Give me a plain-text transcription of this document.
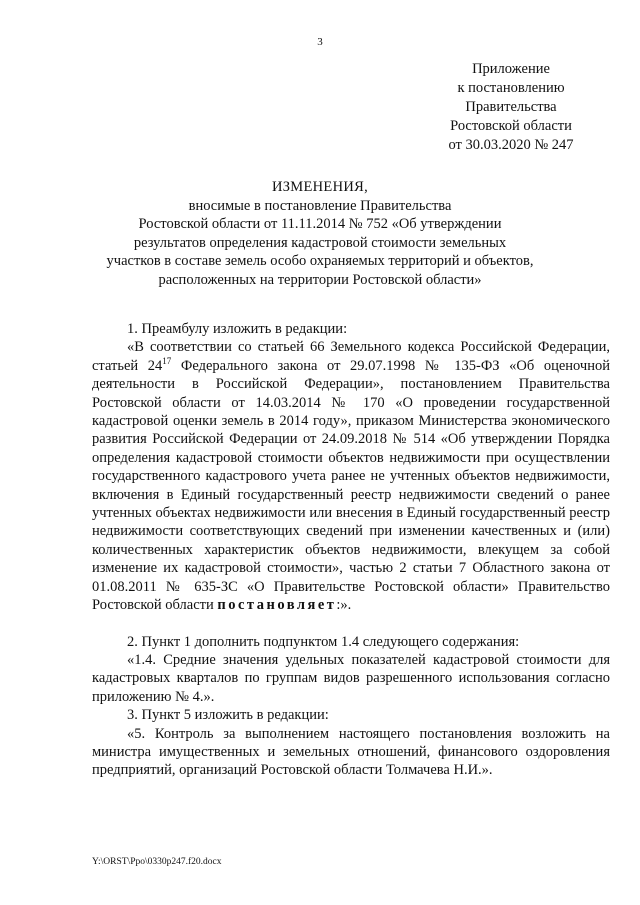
3
Приложение
к постановлению
Правительства
Ростовской области
от 30.03.2020 № 247
ИЗМЕНЕНИЯ,
вносимые в постановление Правительства
Ростовской области от 11.11.2014 № 752 «Об утверждении
результатов определения кадастровой стоимости земельных
участков в составе земель особо охраняемых территорий и объектов,
расположенных на территории Ростовской области»

1. Преамбулу изложить в редакции:

«В соответствии со статьей 66 Земельного кодекса Российской Федерации, статьей $24^{17}$ Федерального закона от 29.07.1998 № 135-ФЗ «Об оценочной деятельности в Российской Федерации», постановлением Правительства Ростовской области от 14.03.2014 № 170 «О проведении государственной кадастровой оценки земель в 2014 году», приказом Министерства экономического развития Российской Федерации от 24.09.2018 № 514 «Об утверждении Порядка определения кадастровой стоимости объектов недвижимости при осуществлении государственного кадастрового учета ранее не учтенных объектов недвижимости, включения в Единый государственный реестр недвижимости сведений о ранее учтенных объектах недвижимости или внесения в Единый государственный реестр недвижимости соответствующих сведений при изменении качественных и (или) количественных характеристик объектов недвижимости, влекущем за собой изменение их кадастровой стоимости», частью 2 статьи 7 Областного закона от 01.08.2011 № 635-ЗС «О Правительстве Ростовской области» Правительство Ростовской области постановляет:».

2. Пункт 1 дополнить подпунктом 1.4 следующего содержания:

«1.4. Средние значения удельных показателей кадастровой стоимости для кадастровых кварталов по группам видов разрешенного использования согласно приложению № 4.».

3. Пункт 5 изложить в редакции:

«5. Контроль за выполнением настоящего постановления возложить на министра имущественных и земельных отношений, финансового оздоровления предприятий, организаций Ростовской области Толмачева Н.И.».

Y:\ORST\Ppo\0330p247.f20.docx
